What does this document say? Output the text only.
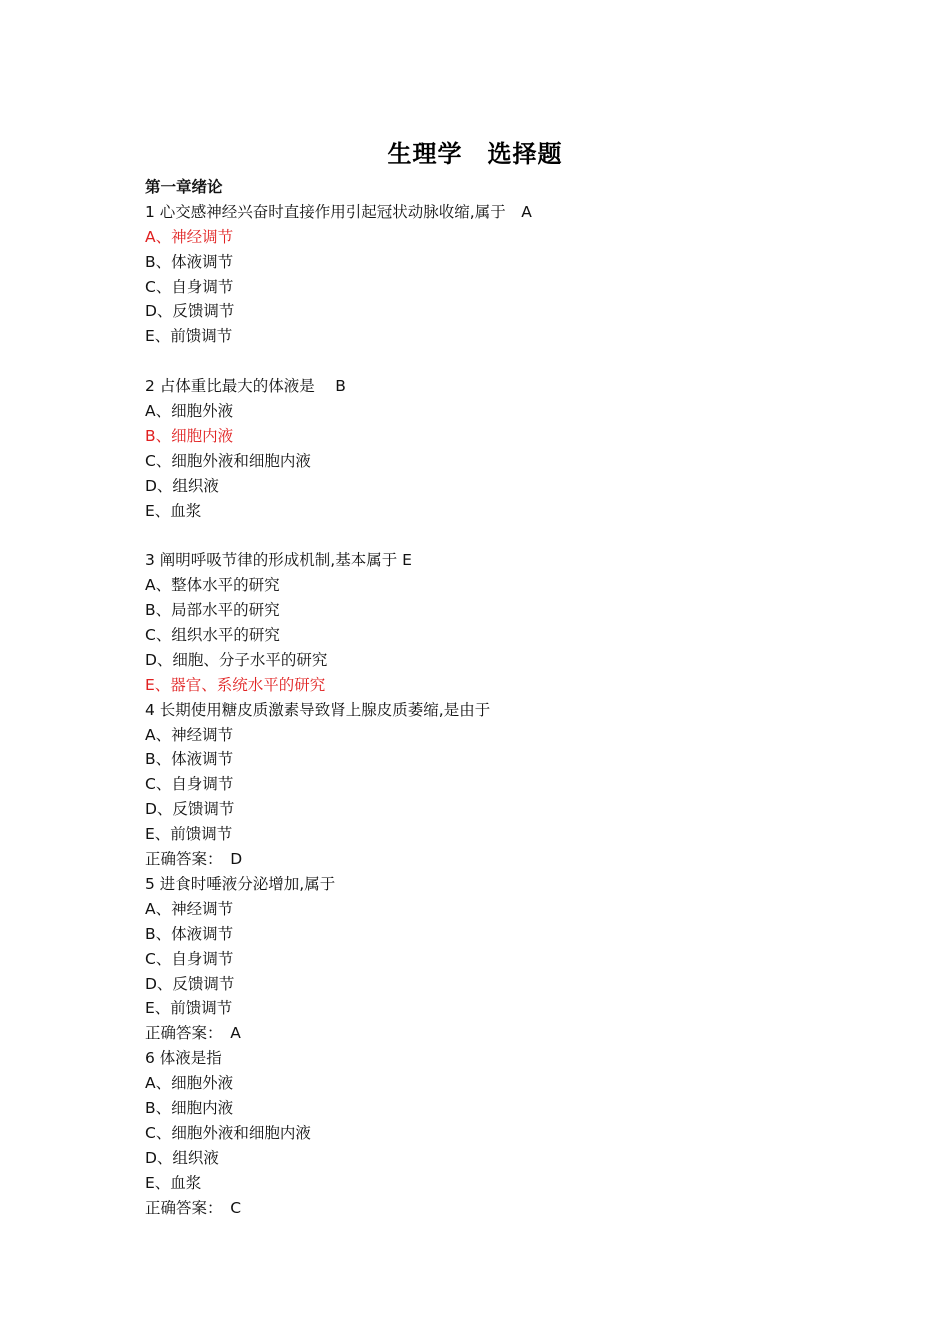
生理学　选择题
第一章绪论
1 心交感神经兴奋时直接作用引起冠状动脉收缩,属于　A
A、神经调节
B、体液调节
C、自身调节
D、反馈调节
E、前馈调节
2 占体重比最大的体液是　 B
A、细胞外液
B、细胞内液
C、细胞外液和细胞内液
D、组织液
E、血浆
3 阐明呼吸节律的形成机制,基本属于 E
A、整体水平的研究
B、局部水平的研究
C、组织水平的研究
D、细胞、分子水平的研究
E、器官、系统水平的研究
4 长期使用糖皮质激素导致肾上腺皮质萎缩,是由于
A、神经调节
B、体液调节
C、自身调节
D、反馈调节
E、前馈调节
正确答案：　D
5 进食时唾液分泌增加,属于
A、神经调节
B、体液调节
C、自身调节
D、反馈调节
E、前馈调节
正确答案：　A
6 体液是指
A、细胞外液
B、细胞内液
C、细胞外液和细胞内液
D、组织液
E、血浆
正确答案：　C
